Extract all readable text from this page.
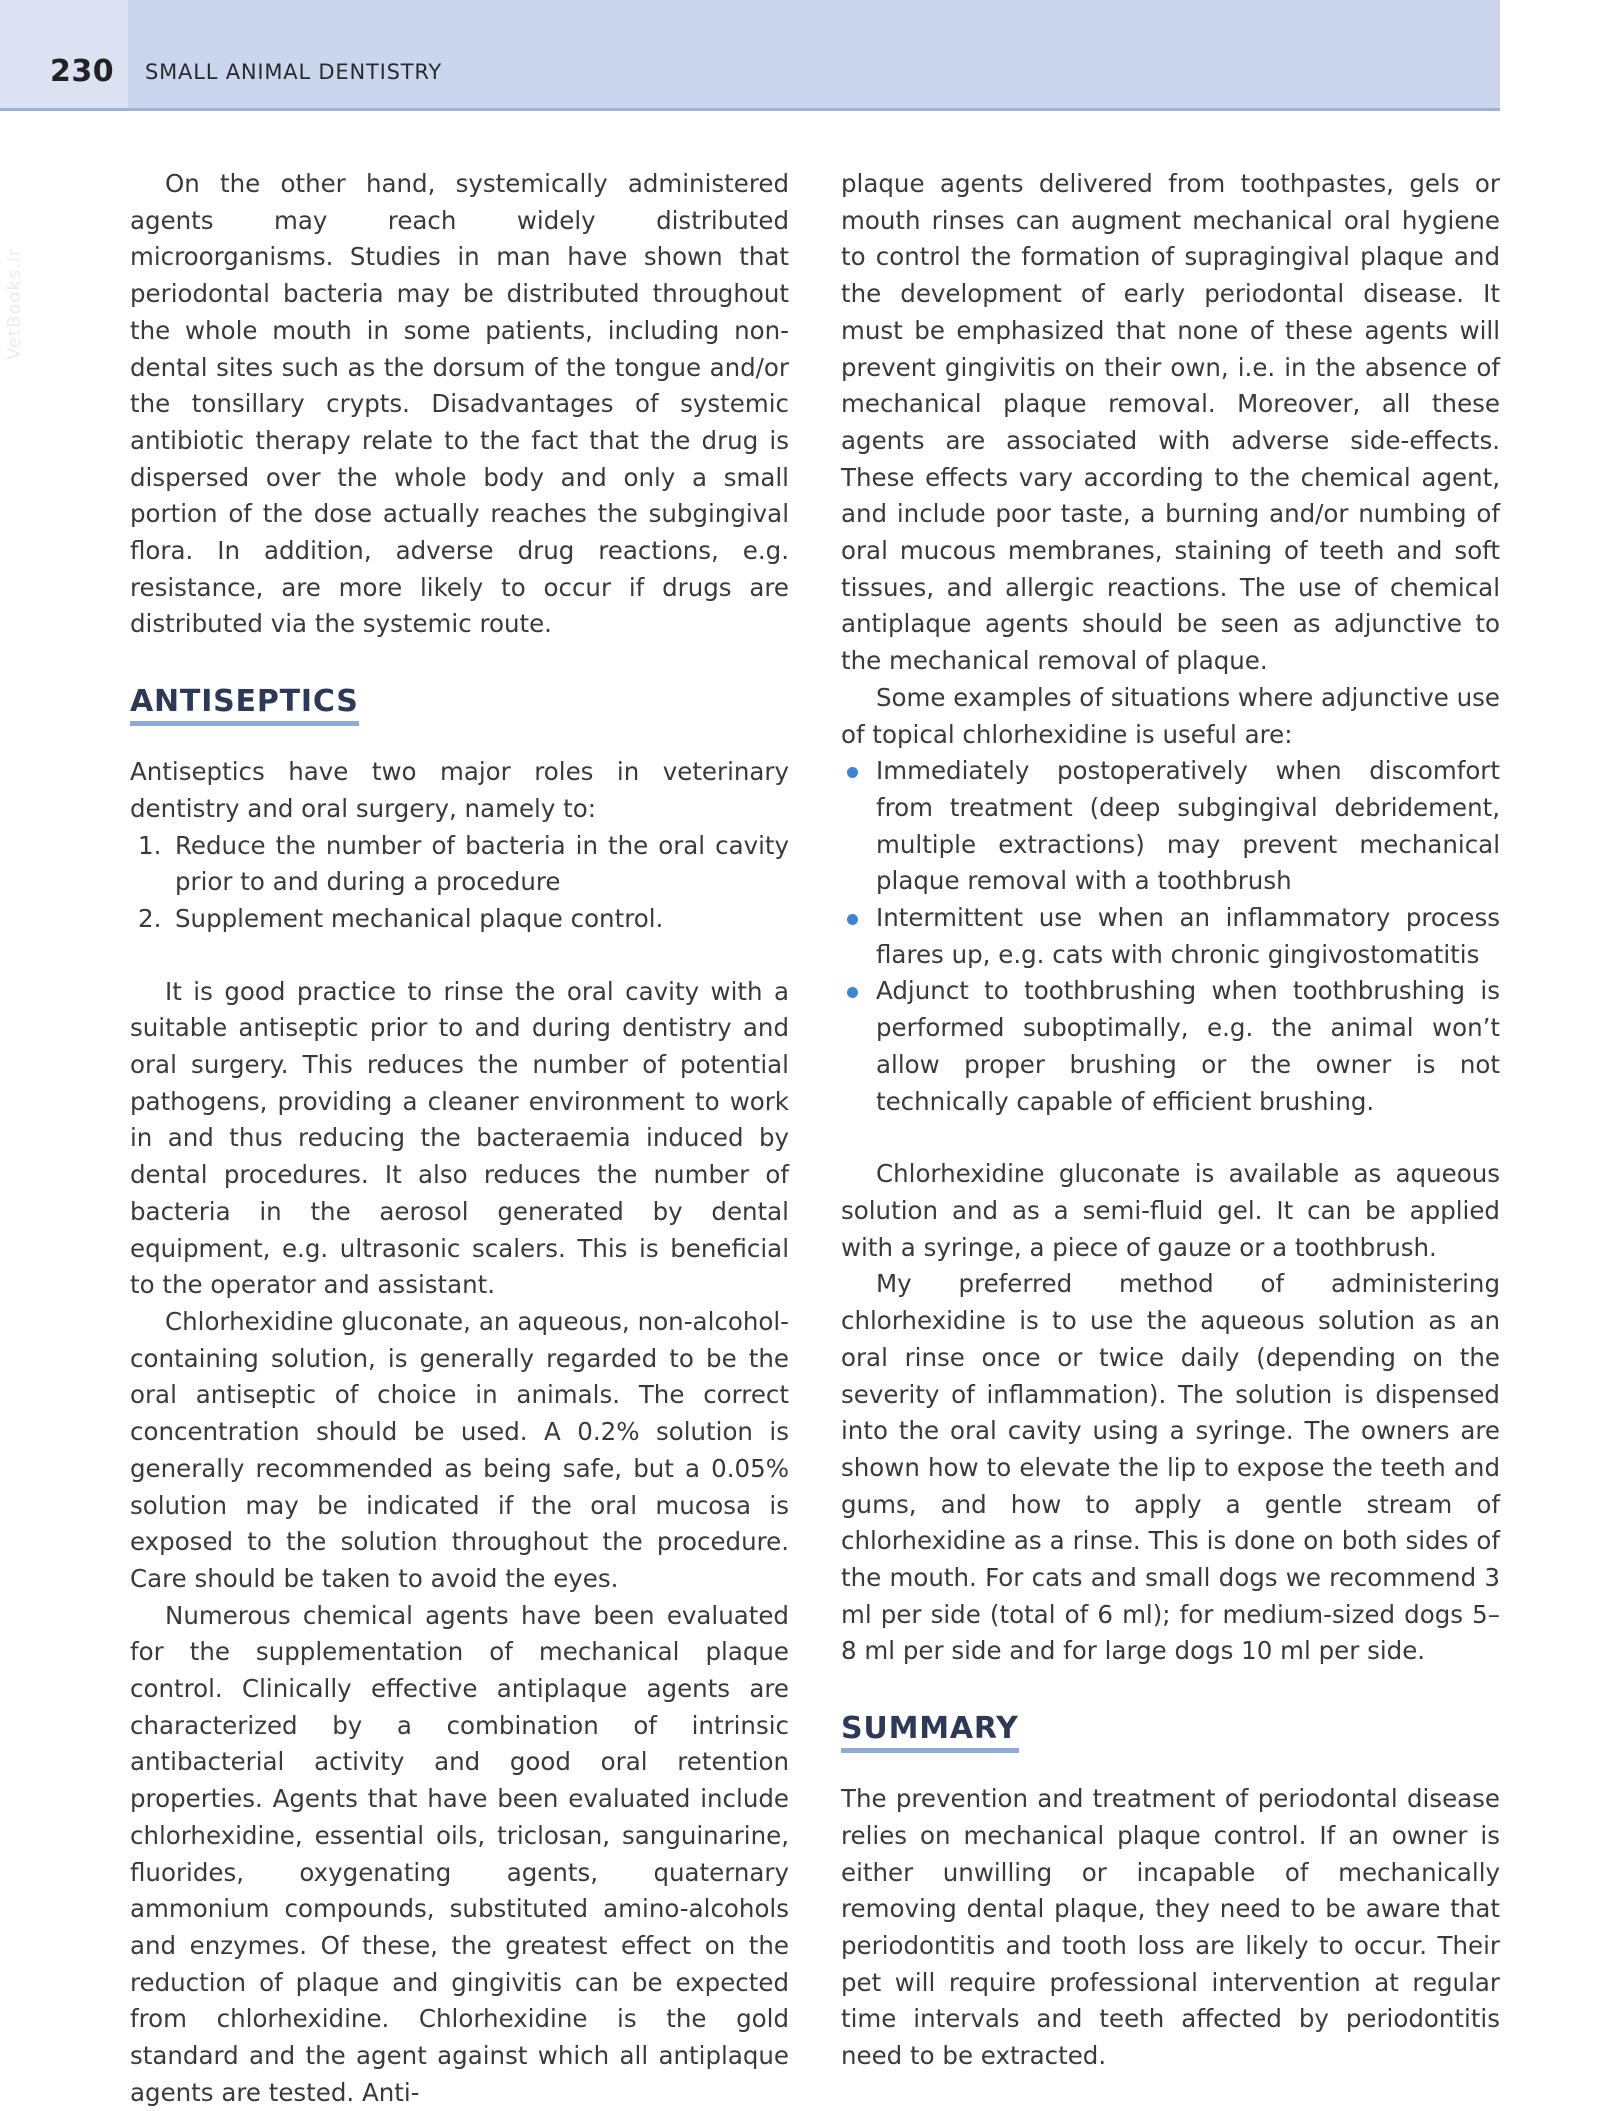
230 SMALL ANIMAL DENTISTRY
VetBooks.ir

On the other hand, systemically administered agents may reach widely distributed microorganisms. Studies in man have shown that periodontal bacteria may be distributed throughout the whole mouth in some patients, including non-dental sites such as the dorsum of the tongue and/or the tonsillary crypts. Disadvantages of systemic antibiotic therapy relate to the fact that the drug is dispersed over the whole body and only a small portion of the dose actually reaches the subgingival flora. In addition, adverse drug reactions, e.g. resistance, are more likely to occur if drugs are distributed via the systemic route.

ANTISEPTICS

Antiseptics have two major roles in veterinary dentistry and oral surgery, namely to:

1. Reduce the number of bacteria in the oral cavity prior to and during a procedure
2. Supplement mechanical plaque control.

It is good practice to rinse the oral cavity with a suitable antiseptic prior to and during dentistry and oral surgery. This reduces the number of potential pathogens, providing a cleaner environment to work in and thus reducing the bacteraemia induced by dental procedures. It also reduces the number of bacteria in the aerosol generated by dental equipment, e.g. ultrasonic scalers. This is beneficial to the operator and assistant.

Chlorhexidine gluconate, an aqueous, non-alcohol-containing solution, is generally regarded to be the oral antiseptic of choice in animals. The correct concentration should be used. A 0.2% solution is generally recommended as being safe, but a 0.05% solution may be indicated if the oral mucosa is exposed to the solution throughout the procedure. Care should be taken to avoid the eyes.

Numerous chemical agents have been evaluated for the supplementation of mechanical plaque control. Clinically effective antiplaque agents are characterized by a combination of intrinsic antibacterial activity and good oral retention properties. Agents that have been evaluated include chlorhexidine, essential oils, triclosan, sanguinarine, fluorides, oxygenating agents, quaternary ammonium compounds, substituted amino-alcohols and enzymes. Of these, the greatest effect on the reduction of plaque and gingivitis can be expected from chlorhexidine. Chlorhexidine is the gold standard and the agent against which all antiplaque agents are tested. Anti-

plaque agents delivered from toothpastes, gels or mouth rinses can augment mechanical oral hygiene to control the formation of supragingival plaque and the development of early periodontal disease. It must be emphasized that none of these agents will prevent gingivitis on their own, i.e. in the absence of mechanical plaque removal. Moreover, all these agents are associated with adverse side-effects. These effects vary according to the chemical agent, and include poor taste, a burning and/or numbing of oral mucous membranes, staining of teeth and soft tissues, and allergic reactions. The use of chemical antiplaque agents should be seen as adjunctive to the mechanical removal of plaque.

Some examples of situations where adjunctive use of topical chlorhexidine is useful are:

Immediately postoperatively when discomfort from treatment (deep subgingival debridement, multiple extractions) may prevent mechanical plaque removal with a toothbrush
Intermittent use when an inflammatory process flares up, e.g. cats with chronic gingivostomatitis
Adjunct to toothbrushing when toothbrushing is performed suboptimally, e.g. the animal won’t allow proper brushing or the owner is not technically capable of efficient brushing.

Chlorhexidine gluconate is available as aqueous solution and as a semi-fluid gel. It can be applied with a syringe, a piece of gauze or a toothbrush.

My preferred method of administering chlorhexidine is to use the aqueous solution as an oral rinse once or twice daily (depending on the severity of inflammation). The solution is dispensed into the oral cavity using a syringe. The owners are shown how to elevate the lip to expose the teeth and gums, and how to apply a gentle stream of chlorhexidine as a rinse. This is done on both sides of the mouth. For cats and small dogs we recommend 3 ml per side (total of 6 ml); for medium-sized dogs 5–8 ml per side and for large dogs 10 ml per side.

SUMMARY

The prevention and treatment of periodontal disease relies on mechanical plaque control. If an owner is either unwilling or incapable of mechanically removing dental plaque, they need to be aware that periodontitis and tooth loss are likely to occur. Their pet will require professional intervention at regular time intervals and teeth affected by periodontitis need to be extracted.
